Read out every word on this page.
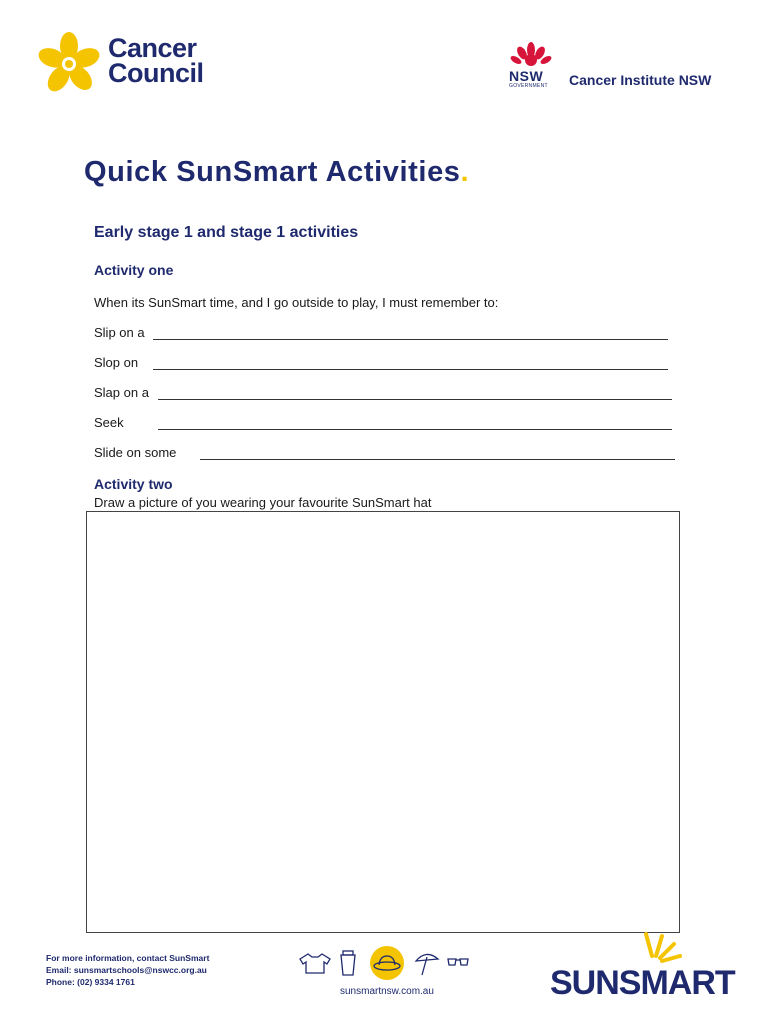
Cancer
Council	NSW
GOVERNMENT Cancer Institute NSW
Quick SunSmart Activities.
Early stage 1 and stage 1 activities
Activity one
When its SunSmart time, and I go outside to play, I must remember to:
Slip on a
Slop on
Slap on a
Seek
Slide on some
Activity two
Draw a picture of you wearing your favourite SunSmart hat
For more information, contact SunSmart
Email: sunsmartschools@nswcc.org.au
Phone: (02) 9334 1761
sunsmartnsw.com.au	SUNSMART
